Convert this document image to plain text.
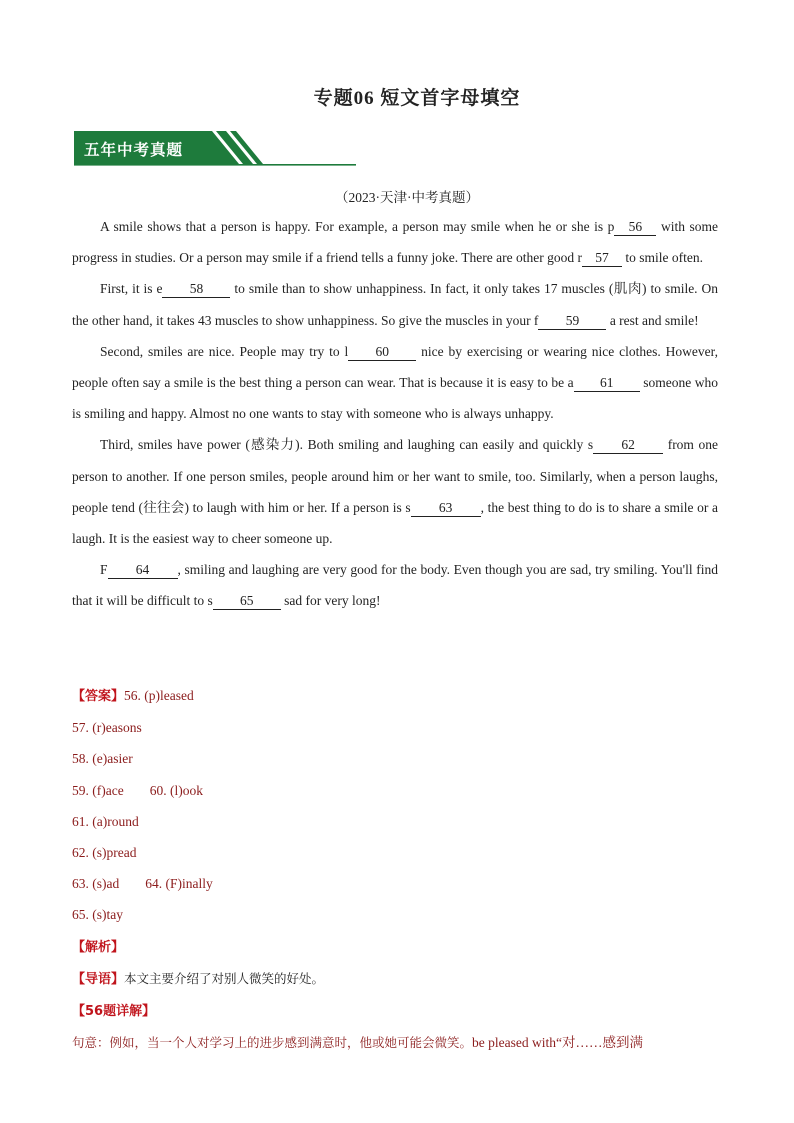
专题06 短文首字母填空
五年中考真题
（2023·天津·中考真题）

A smile shows that a person is happy. For example, a person may smile when he or she is p 56 with some progress in studies. Or a person may smile if a friend tells a funny joke. There are other good r 57 to smile often.

First, it is e 58 to smile than to show unhappiness. In fact, it only takes 17 muscles (肌肉) to smile. On the other hand, it takes 43 muscles to show unhappiness. So give the muscles in your f 59 a rest and smile!

Second, smiles are nice. People may try to l 60 nice by exercising or wearing nice clothes. However, people often say a smile is the best thing a person can wear. That is because it is easy to be a 61 someone who is smiling and happy. Almost no one wants to stay with someone who is always unhappy.

Third, smiles have power (感染力). Both smiling and laughing can easily and quickly s 62 from one person to another. If one person smiles, people around him or her want to smile, too. Similarly, when a person laughs, people tend (往往会) to laugh with him or her. If a person is s 63 , the best thing to do is to share a smile or a laugh. It is the easiest way to cheer someone up.

F 64 , smiling and laughing are very good for the body. Even though you are sad, try smiling. You'll find that it will be difficult to s 65 sad for very long!

【答案】56. (p)leased
57. (r)easons
58. (e)asier
59. (f)ace 60. (l)ook
61. (a)round
62. (s)pread
63. (s)ad 64. (F)inally
65. (s)tay
【解析】
【导语】本文主要介绍了对别人微笑的好处。
【56题详解】
句意：例如，当一个人对学习上的进步感到满意时，他或她可能会微笑。be pleased with“对……感到满
